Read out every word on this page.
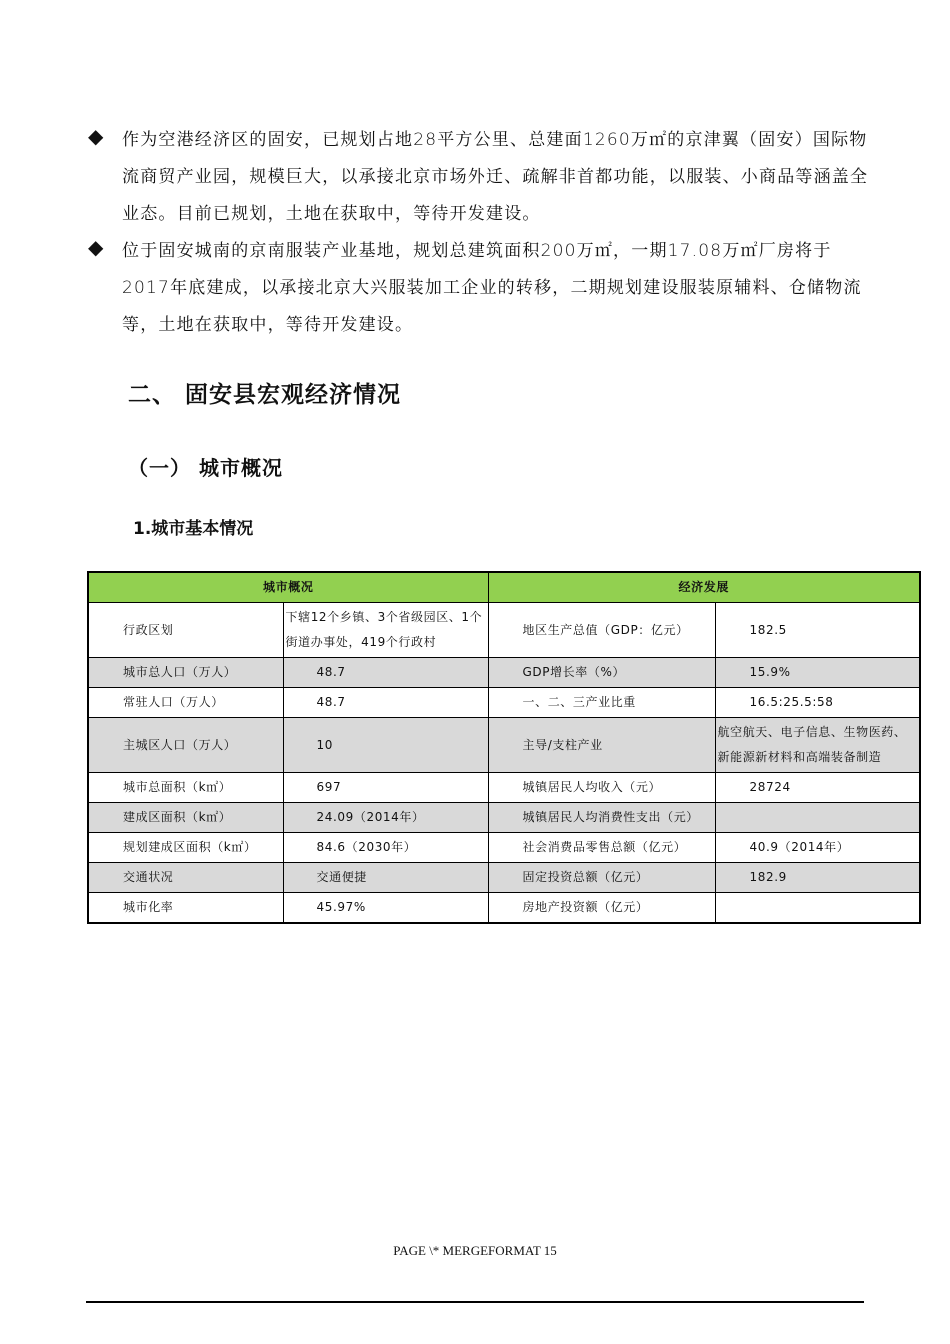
◆ 作为空港经济区的固安，已规划占地28平方公里、总建面1260万㎡的京津翼（固安）国际物流商贸产业园，规模巨大，以承接北京市场外迁、疏解非首都功能，以服装、小商品等涵盖全业态。目前已规划，土地在获取中，等待开发建设。
◆ 位于固安城南的京南服装产业基地，规划总建筑面积200万㎡，一期17.08万㎡厂房将于2017年底建成，以承接北京大兴服装加工企业的转移，二期规划建设服装原辅料、仓储物流等，土地在获取中，等待开发建设。
二、 固安县宏观经济情况
（一） 城市概况
1.城市基本情况
城市概况		经济发展	
行政区划	下辖12个乡镇、3个省级园区、1个街道办事处，419个行政村	地区生产总值（GDP：亿元）	182.5
城市总人口（万人）	48.7	GDP增长率（%）	15.9%
常驻人口（万人）	48.7	一、二、三产业比重	16.5:25.5:58
主城区人口（万人）	10	主导/支柱产业	航空航天、电子信息、生物医药、新能源新材料和高端装备制造
城市总面积（k㎡）	697	城镇居民人均收入（元）	28724
建成区面积（k㎡）	24.09（2014年）	城镇居民人均消费性支出（元）	
规划建成区面积（k㎡）	84.6（2030年）	社会消费品零售总额（亿元）	40.9（2014年）
交通状况	交通便捷	固定投资总额（亿元）	182.9
城市化率	45.97%	房地产投资额（亿元）	
PAGE \* MERGEFORMAT 15
